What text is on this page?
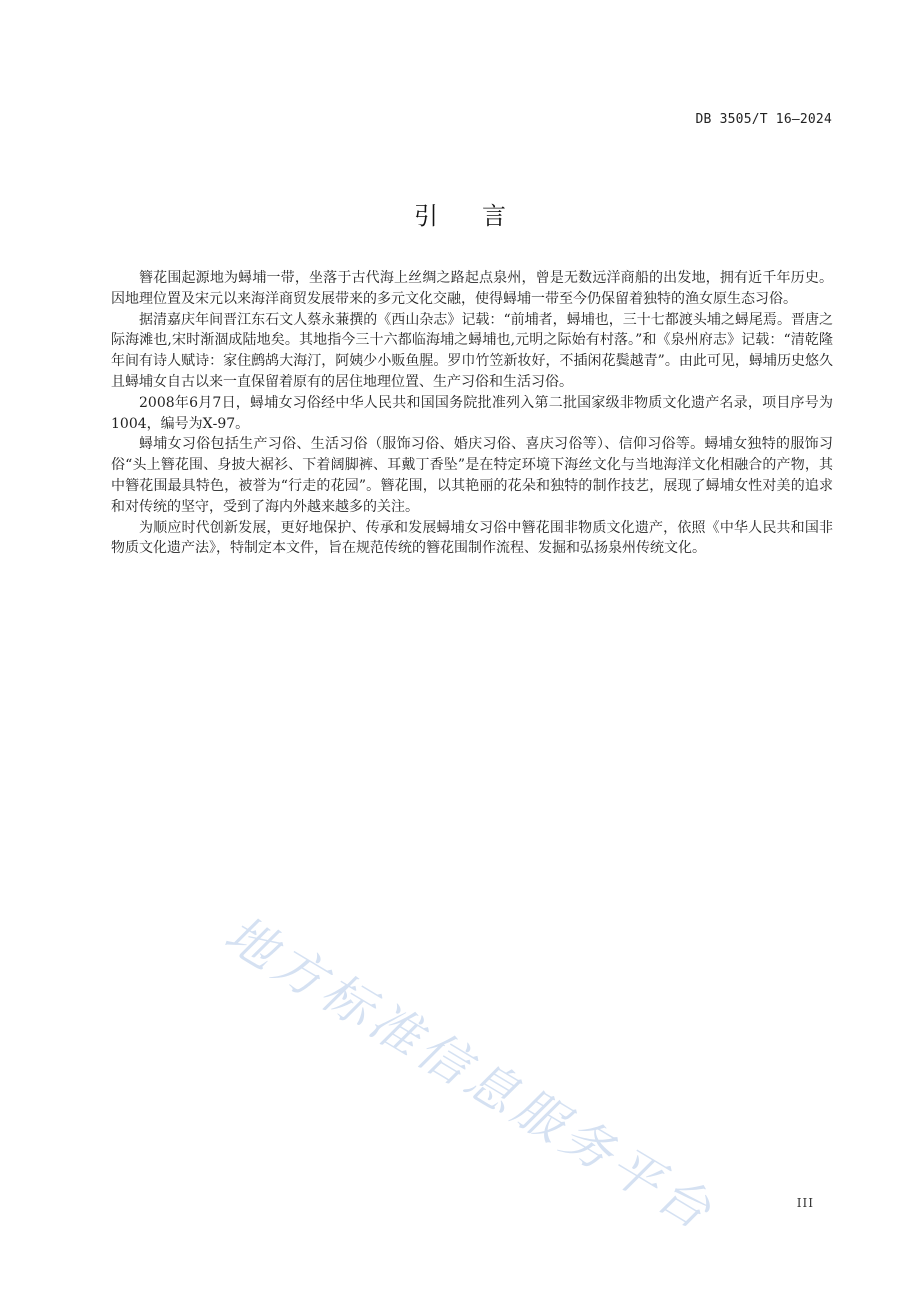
DB 3505/T 16—2024
引言

簪花围起源地为蟳埔一带，坐落于古代海上丝绸之路起点泉州，曾是无数远洋商船的出发地，拥有近千年历史。因地理位置及宋元以来海洋商贸发展带来的多元文化交融，使得蟳埔一带至今仍保留着独特的渔女原生态习俗。

据清嘉庆年间晋江东石文人蔡永蒹撰的《西山杂志》记载：“前埔者，蟳埔也，三十七都渡头埔之蟳尾焉。晋唐之际海滩也,宋时渐涸成陆地矣。其地指今三十六都临海埔之蟳埔也,元明之际始有村落。”和《泉州府志》记载：“清乾隆年间有诗人赋诗：家住鹧鸪大海汀，阿姨少小贩鱼腥。罗巾竹笠新妆好，不插闲花鬓越青”。由此可见，蟳埔历史悠久且蟳埔女自古以来一直保留着原有的居住地理位置、生产习俗和生活习俗。

2008年6月7日，蟳埔女习俗经中华人民共和国国务院批准列入第二批国家级非物质文化遗产名录，项目序号为1004，编号为Ⅹ-97。

蟳埔女习俗包括生产习俗、生活习俗（服饰习俗、婚庆习俗、喜庆习俗等）、信仰习俗等。蟳埔女独特的服饰习俗“头上簪花围、身披大裾衫、下着阔脚裤、耳戴丁香坠”是在特定环境下海丝文化与当地海洋文化相融合的产物，其中簪花围最具特色，被誉为“行走的花园”。簪花围，以其艳丽的花朵和独特的制作技艺，展现了蟳埔女性对美的追求和对传统的坚守，受到了海内外越来越多的关注。

为顺应时代创新发展，更好地保护、传承和发展蟳埔女习俗中簪花围非物质文化遗产，依照《中华人民共和国非物质文化遗产法》，特制定本文件，旨在规范传统的簪花围制作流程、发掘和弘扬泉州传统文化。

地方标准信息服务平台	III
